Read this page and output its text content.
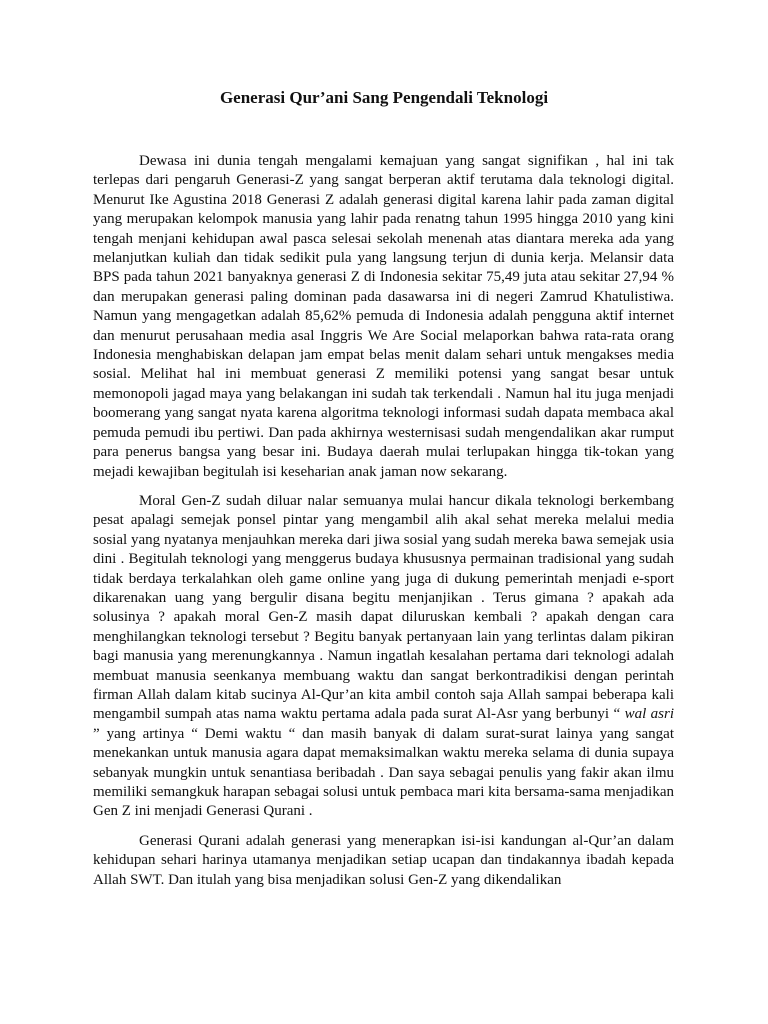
Generasi Qur’ani Sang Pengendali Teknologi

Dewasa ini dunia tengah mengalami kemajuan yang sangat signifikan , hal ini tak terlepas dari pengaruh Generasi-Z yang sangat berperan aktif terutama dala teknologi digital. Menurut Ike Agustina 2018 Generasi Z adalah generasi digital karena lahir pada zaman digital yang merupakan kelompok manusia yang lahir pada renatng tahun 1995 hingga 2010 yang kini tengah menjani kehidupan awal pasca selesai sekolah menenah atas diantara mereka ada yang melanjutkan kuliah dan tidak sedikit pula yang langsung terjun di dunia kerja. Melansir data BPS pada tahun 2021 banyaknya generasi Z di Indonesia sekitar 75,49 juta atau sekitar 27,94 % dan merupakan generasi paling dominan pada dasawarsa ini di negeri Zamrud Khatulistiwa. Namun yang mengagetkan adalah 85,62% pemuda di Indonesia adalah pengguna aktif internet dan menurut perusahaan media asal Inggris We Are Social melaporkan bahwa rata-rata orang Indonesia menghabiskan delapan jam empat belas menit dalam sehari untuk mengakses media sosial. Melihat hal ini membuat generasi Z memiliki potensi yang sangat besar untuk memonopoli jagad maya yang belakangan ini sudah tak terkendali . Namun hal itu juga menjadi boomerang yang sangat nyata karena algoritma teknologi informasi sudah dapata membaca akal pemuda pemudi ibu pertiwi. Dan pada akhirnya westernisasi sudah mengendalikan akar rumput para penerus bangsa yang besar ini. Budaya daerah mulai terlupakan hingga tik-tokan yang mejadi kewajiban begitulah isi keseharian anak jaman now sekarang.

Moral Gen-Z sudah diluar nalar semuanya mulai hancur dikala teknologi berkembang pesat apalagi semejak ponsel pintar yang mengambil alih akal sehat mereka melalui media sosial yang nyatanya menjauhkan mereka dari jiwa sosial yang sudah mereka bawa semejak usia dini . Begitulah teknologi yang menggerus budaya khususnya permainan tradisional yang sudah tidak berdaya terkalahkan oleh game online yang juga di dukung pemerintah menjadi e-sport dikarenakan uang yang bergulir disana begitu menjanjikan . Terus gimana ? apakah ada solusinya ? apakah moral Gen-Z masih dapat diluruskan kembali ? apakah dengan cara menghilangkan teknologi tersebut ? Begitu banyak pertanyaan lain yang terlintas dalam pikiran bagi manusia yang merenungkannya . Namun ingatlah kesalahan pertama dari teknologi adalah membuat manusia seenkanya membuang waktu dan sangat berkontradikisi dengan perintah firman Allah dalam kitab sucinya Al-Qur’an kita ambil contoh saja Allah sampai beberapa kali mengambil sumpah atas nama waktu pertama adala pada surat Al-Asr yang berbunyi “ wal asri ” yang artinya “ Demi waktu “ dan masih banyak di dalam surat-surat lainya yang sangat menekankan untuk manusia agara dapat memaksimalkan waktu mereka selama di dunia supaya sebanyak mungkin untuk senantiasa beribadah . Dan saya sebagai penulis yang fakir akan ilmu memiliki semangkuk harapan sebagai solusi untuk pembaca mari kita bersama-sama menjadikan Gen Z ini menjadi Generasi Qurani .

Generasi Qurani adalah generasi yang menerapkan isi-isi kandungan al-Qur’an dalam kehidupan sehari harinya utamanya menjadikan setiap ucapan dan tindakannya ibadah kepada Allah SWT. Dan itulah yang bisa menjadikan solusi Gen-Z yang dikendalikan
